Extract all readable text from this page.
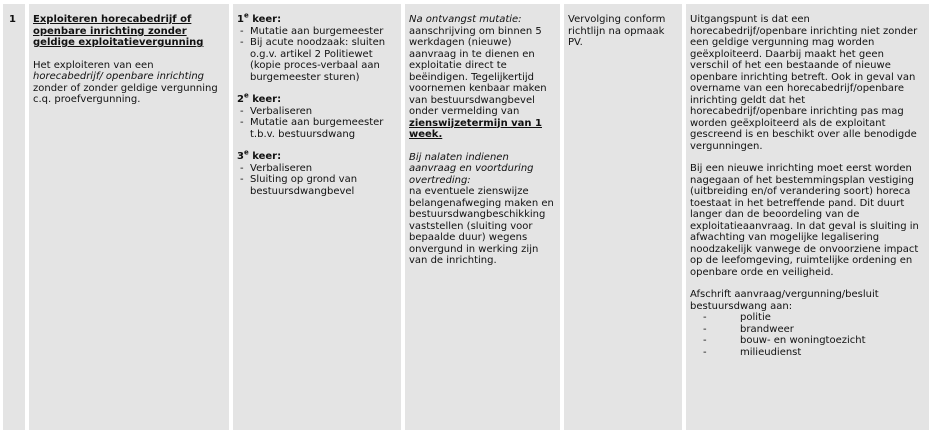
1	Exploiteren horecabedrijf of openbare inrichting zonder geldige exploitatievergunning

Het exploiteren van een horecabedrijf/ openbare inrichting zonder of zonder geldige vergunning c.q. proefvergunning.

1e keer:

- Mutatie aan burgemeester
- Bij acute noodzaak: sluiten o.g.v. artikel 2 Politiewet (kopie proces-verbaal aan burgemeester sturen)

2e keer:

- Verbaliseren
- Mutatie aan burgemeester t.b.v. bestuursdwang

3e keer:

- Verbaliseren
- Sluiting op grond van bestuursdwangbevel

Na ontvangst mutatie:

aanschrijving om binnen 5 werkdagen (nieuwe) aanvraag in te dienen en exploitatie direct te beëindigen. Tegelijkertijd voornemen kenbaar maken van bestuursdwangbevel onder vermelding van

zienswijzetermijn van 1 week.

Bij nalaten indienen aanvraag en voortduring overtreding:

na eventuele zienswijze belangenafweging maken en bestuursdwangbeschikking vaststellen (sluiting voor bepaalde duur) wegens onvergund in werking zijn van de inrichting.

Vervolging conform richtlijn na opmaak PV.

Uitgangspunt is dat een horecabedrijf/openbare inrichting niet zonder een geldige vergunning mag worden geëxploiteerd. Daarbij maakt het geen verschil of het een bestaande of nieuwe openbare inrichting betreft. Ook in geval van overname van een horecabedrijf/openbare inrichting geldt dat het horecabedrijf/openbare inrichting pas mag worden geëxploiteerd als de exploitant gescreend is en beschikt over alle benodigde vergunningen.

Bij een nieuwe inrichting moet eerst worden nagegaan of het bestemmingsplan vestiging (uitbreiding en/of verandering soort) horeca toestaat in het betreffende pand. Dit duurt langer dan de beoordeling van de exploitatieaanvraag. In dat geval is sluiting in afwachting van mogelijke legalisering noodzakelijk vanwege de onvoorziene impact op de leefomgeving, ruimtelijke ordening en openbare orde en veiligheid.

Afschrift aanvraag/vergunning/besluit bestuursdwang aan:

- politie
- brandweer
- bouw- en woningtoezicht
- milieudienst
